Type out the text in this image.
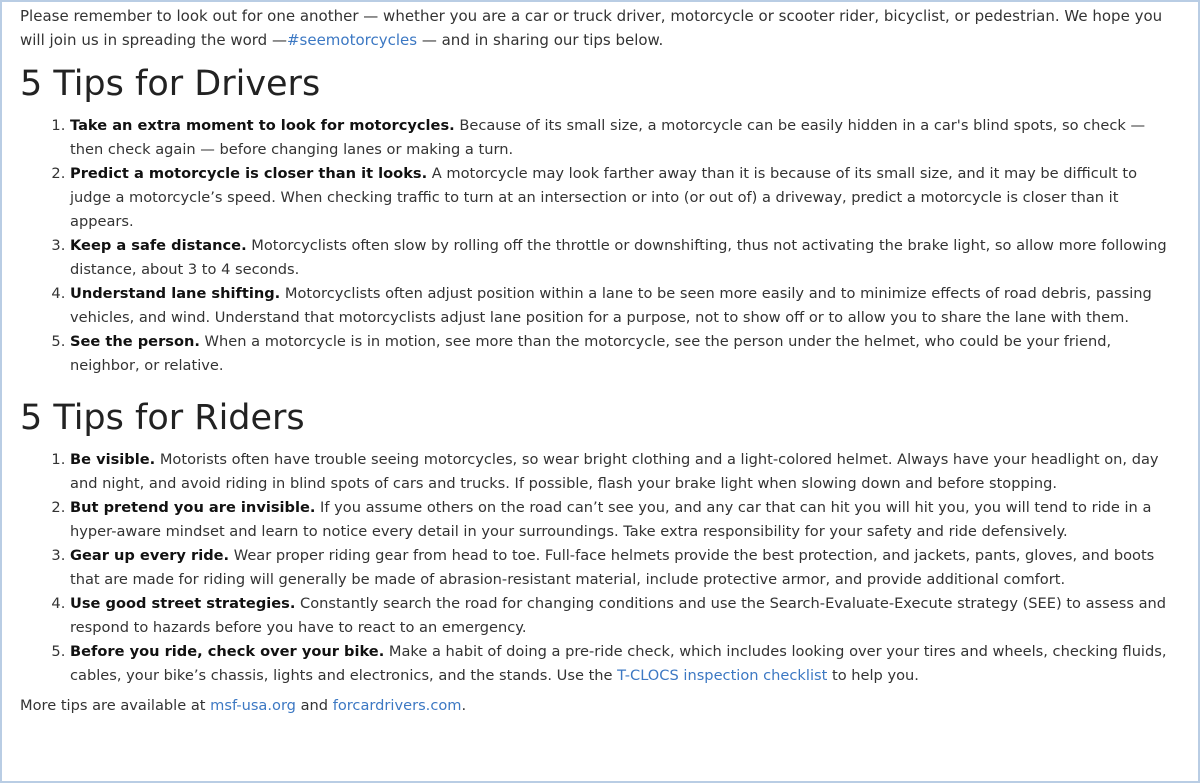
Please remember to look out for one another — whether you are a car or truck driver, motorcycle or scooter rider, bicyclist, or pedestrian. We hope you will join us in spreading the word —#seemotorcycles — and in sharing our tips below.

5 Tips for Drivers
1. Take an extra moment to look for motorcycles. Because of its small size, a motorcycle can be easily hidden in a car's blind spots, so check — then check again — before changing lanes or making a turn.
2. Predict a motorcycle is closer than it looks. A motorcycle may look farther away than it is because of its small size, and it may be difficult to judge a motorcycle’s speed. When checking traffic to turn at an intersection or into (or out of) a driveway, predict a motorcycle is closer than it appears.
3. Keep a safe distance. Motorcyclists often slow by rolling off the throttle or downshifting, thus not activating the brake light, so allow more following distance, about 3 to 4 seconds.
4. Understand lane shifting. Motorcyclists often adjust position within a lane to be seen more easily and to minimize effects of road debris, passing vehicles, and wind. Understand that motorcyclists adjust lane position for a purpose, not to show off or to allow you to share the lane with them.
5. See the person. When a motorcycle is in motion, see more than the motorcycle, see the person under the helmet, who could be your friend, neighbor, or relative.
5 Tips for Riders
1. Be visible. Motorists often have trouble seeing motorcycles, so wear bright clothing and a light-colored helmet. Always have your headlight on, day and night, and avoid riding in blind spots of cars and trucks. If possible, flash your brake light when slowing down and before stopping.
2. But pretend you are invisible. If you assume others on the road can’t see you, and any car that can hit you will hit you, you will tend to ride in a hyper-aware mindset and learn to notice every detail in your surroundings. Take extra responsibility for your safety and ride defensively.
3. Gear up every ride. Wear proper riding gear from head to toe. Full-face helmets provide the best protection, and jackets, pants, gloves, and boots that are made for riding will generally be made of abrasion-resistant material, include protective armor, and provide additional comfort.
4. Use good street strategies. Constantly search the road for changing conditions and use the Search-Evaluate-Execute strategy (SEE) to assess and respond to hazards before you have to react to an emergency.
5. Before you ride, check over your bike. Make a habit of doing a pre-ride check, which includes looking over your tires and wheels, checking fluids, cables, your bike’s chassis, lights and electronics, and the stands. Use the T-CLOCS inspection checklist to help you.

More tips are available at msf-usa.org and forcardrivers.com.
